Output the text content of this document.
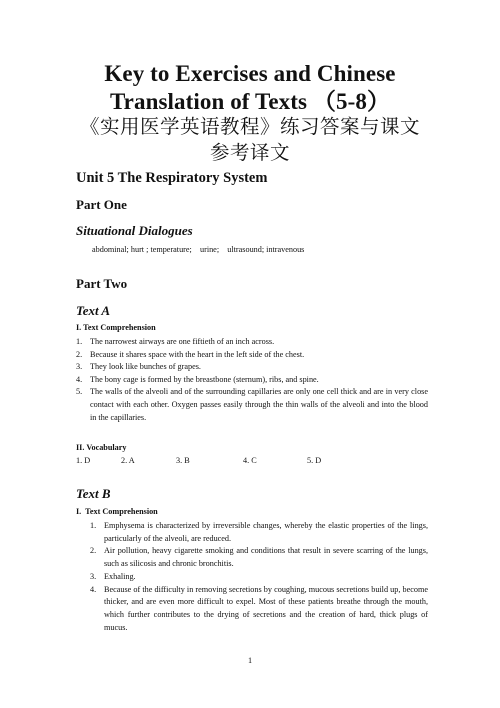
Key to Exercises and Chinese
Translation of Texts （5-8）
《实用医学英语教程》练习答案与课文
参考译文
Unit 5 The Respiratory System
Part One
Situational Dialogues
abdominal; hurt ; temperature;    urine;    ultrasound; intravenous
Part Two
Text A
I. Text Comprehension
1. The narrowest airways are one fiftieth of an inch across.
2. Because it shares space with the heart in the left side of the chest.
3. They look like bunches of grapes.
4. The bony cage is formed by the breastbone (sternum), ribs, and spine.
5. The walls of the alveoli and of the surrounding capillaries are only one cell thick and are in very close contact with each other. Oxygen passes easily through the thin walls of the alveoli and into the blood in the capillaries.
II. Vocabulary
1. D	2. A	3. B	4. C	5. D
Text B
I.  Text Comprehension
1. Emphysema is characterized by irreversible changes, whereby the elastic properties of the lings, particularly of the alveoli, are reduced.
2. Air pollution, heavy cigarette smoking and conditions that result in severe scarring of the lungs, such as silicosis and chronic bronchitis.
3. Exhaling.
4. Because of the difficulty in removing secretions by coughing, mucous secretions build up, become thicker, and are even more difficult to expel. Most of these patients breathe through the mouth, which further contributes to the drying of secretions and the creation of hard, thick plugs of mucus.
1
